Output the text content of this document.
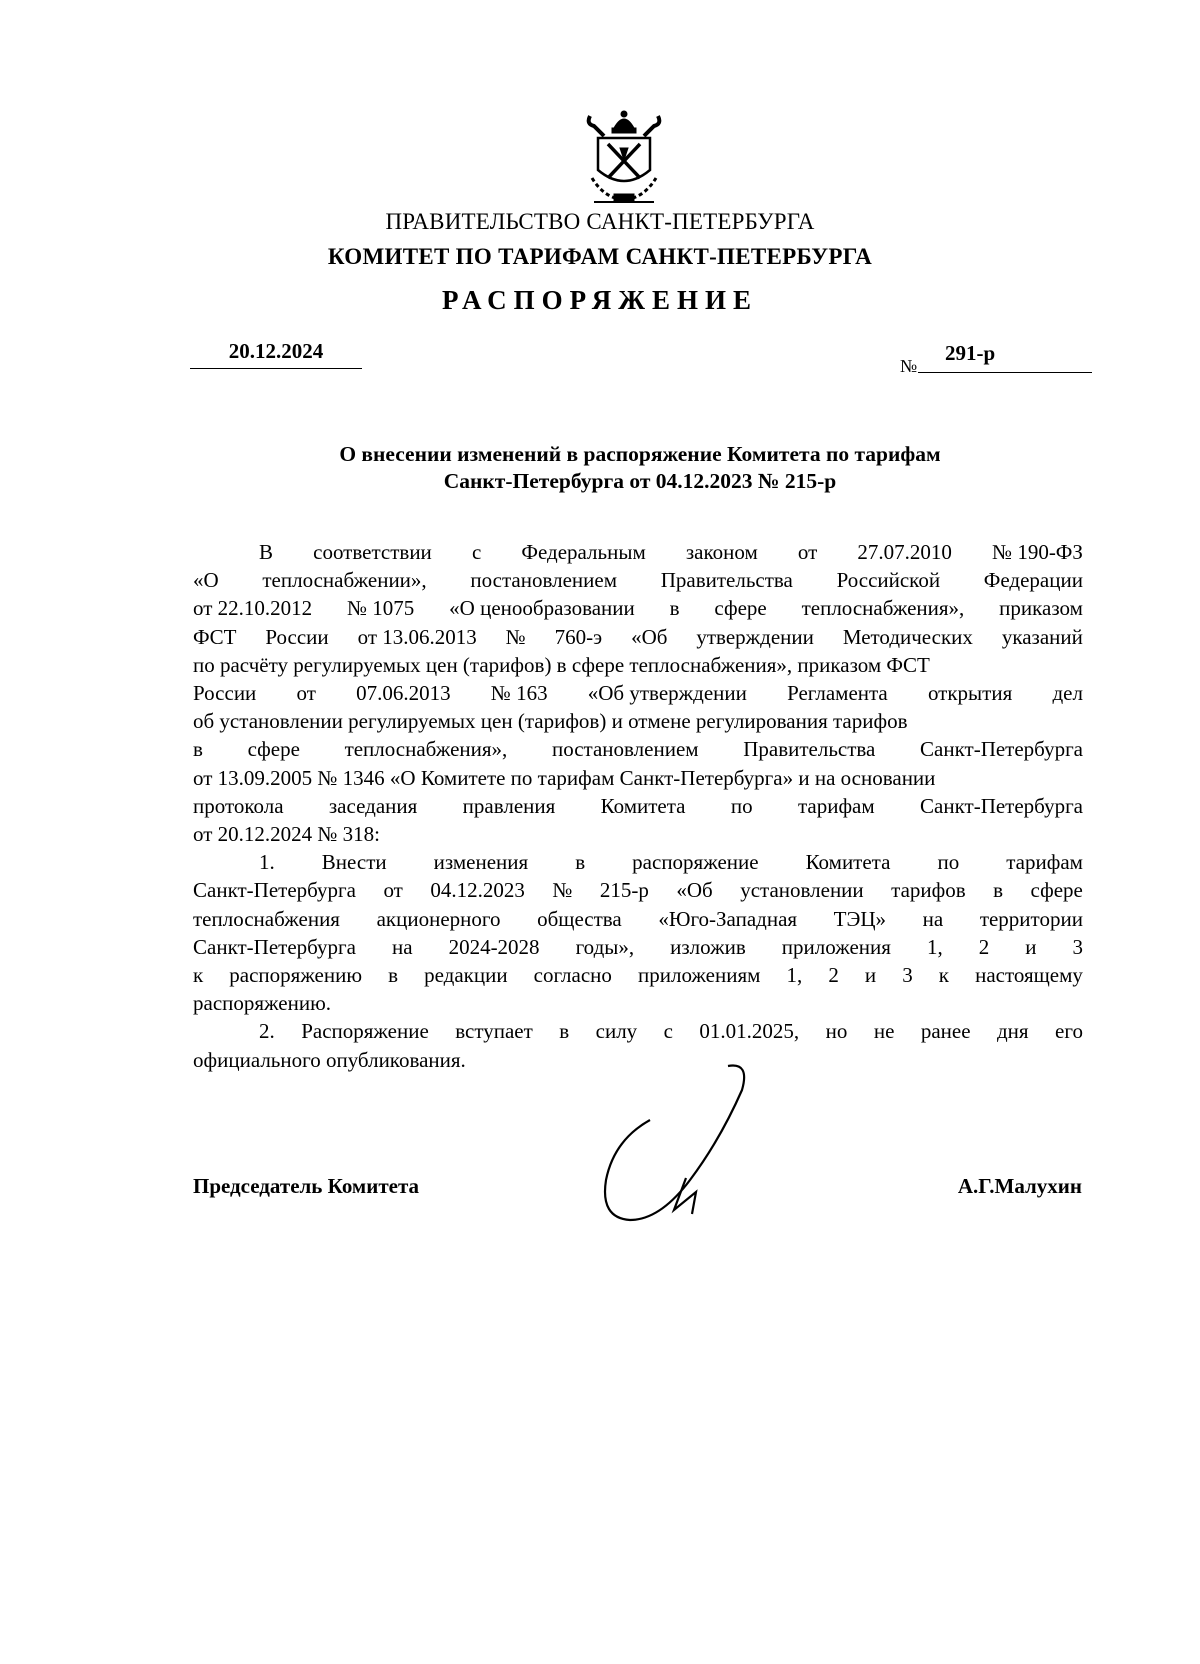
ПРАВИТЕЛЬСТВО САНКТ-ПЕТЕРБУРГА
КОМИТЕТ ПО ТАРИФАМ САНКТ-ПЕТЕРБУРГА
РАСПОРЯЖЕНИЕ
20.12.2024
№
291-р
О внесении изменений в распоряжение Комитета по тарифам
Санкт-Петербурга от 04.12.2023 № 215-р
В соответствии с Федеральным законом от 27.07.2010 № 190-ФЗ
«О теплоснабжении», постановлением Правительства Российской Федерации
от 22.10.2012 № 1075 «О ценообразовании в сфере теплоснабжения», приказом
ФСТ России от 13.06.2013 № 760-э «Об утверждении Методических указаний
по расчёту регулируемых цен (тарифов) в сфере теплоснабжения», приказом ФСТ
России от 07.06.2013 № 163 «Об утверждении Регламента открытия дел
об установлении регулируемых цен (тарифов) и отмене регулирования тарифов
в сфере теплоснабжения», постановлением Правительства Санкт-Петербурга
от 13.09.2005 № 1346 «О Комитете по тарифам Санкт-Петербурга» и на основании
протокола заседания правления Комитета по тарифам Санкт-Петербурга
от 20.12.2024 № 318:
1. Внести изменения в распоряжение Комитета по тарифам
Санкт-Петербурга от 04.12.2023 № 215-р «Об установлении тарифов в сфере
теплоснабжения акционерного общества «Юго-Западная ТЭЦ» на территории
Санкт-Петербурга на 2024-2028 годы», изложив приложения 1, 2 и 3
к распоряжению в редакции согласно приложениям 1, 2 и 3 к настоящему
распоряжению.
2. Распоряжение вступает в силу с 01.01.2025, но не ранее дня его
официального опубликования.
Председатель Комитета	А.Г.Малухин
